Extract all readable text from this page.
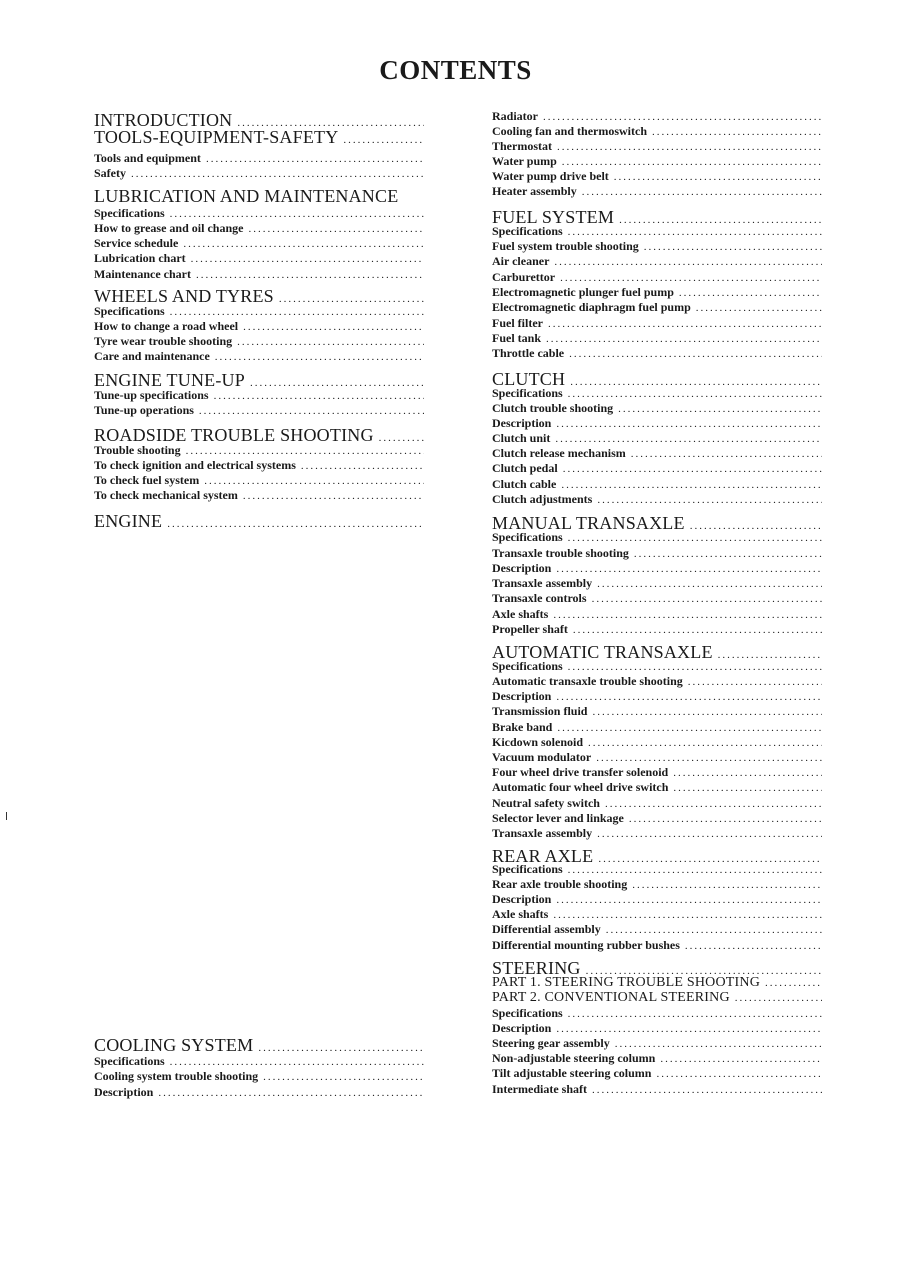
CONTENTS
INTRODUCTION
.....
TOOLS-EQUIPMENT-SAFETY
.....
Tools and equipment
.....
Safety
.....
LUBRICATION AND MAINTENANCE
Specifications
.....
How to grease and oil change
.....
Service schedule
.....
Lubrication chart
.....
Maintenance chart
.....
WHEELS AND TYRES
.....
Specifications
.....
How to change a road wheel
.....
Tyre wear trouble shooting
.....
Care and maintenance
.....
ENGINE TUNE-UP
.....
Tune-up specifications
.....
Tune-up operations
.....
ROADSIDE TROUBLE SHOOTING
.....
Trouble shooting
.....
To check ignition and electrical systems
.....
To check fuel system
.....
To check mechanical system
.....
ENGINE
.....
COOLING SYSTEM
.....
Specifications
.....
Cooling system trouble shooting
.....
Description
.....
Radiator
.....
Cooling fan and thermoswitch
.....
Thermostat
.....
Water pump
.....
Water pump drive belt
.....
Heater assembly
.....
FUEL SYSTEM
.....
Specifications
.....
Fuel system trouble shooting
.....
Air cleaner
.....
Carburettor
.....
Electromagnetic plunger fuel pump
.....
Electromagnetic diaphragm fuel pump
.....
Fuel filter
.....
Fuel tank
.....
Throttle cable
.....
CLUTCH
.....
Specifications
.....
Clutch trouble shooting
.....
Description
.....
Clutch unit
.....
Clutch release mechanism
.....
Clutch pedal
.....
Clutch cable
.....
Clutch adjustments
.....
MANUAL TRANSAXLE
.....
Specifications
.....
Transaxle trouble shooting
.....
Description
.....
Transaxle assembly
.....
Transaxle controls
.....
Axle shafts
.....
Propeller shaft
.....
AUTOMATIC TRANSAXLE
.....
Specifications
.....
Automatic transaxle trouble shooting
.....
Description
.....
Transmission fluid
.....
Brake band
.....
Kicdown solenoid
.....
Vacuum modulator
.....
Four wheel drive transfer solenoid
.....
Automatic four wheel drive switch
.....
Neutral safety switch
.....
Selector lever and linkage
.....
Transaxle assembly
.....
REAR AXLE
.....
Specifications
.....
Rear axle trouble shooting
.....
Description
.....
Axle shafts
.....
Differential assembly
.....
Differential mounting rubber bushes
.....
STEERING
.....
PART 1. STEERING TROUBLE SHOOTING
.....
PART 2. CONVENTIONAL STEERING
.....
Specifications
.....
Description
.....
Steering gear assembly
.....
Non-adjustable steering column
.....
Tilt adjustable steering column
.....
Intermediate shaft
.....
